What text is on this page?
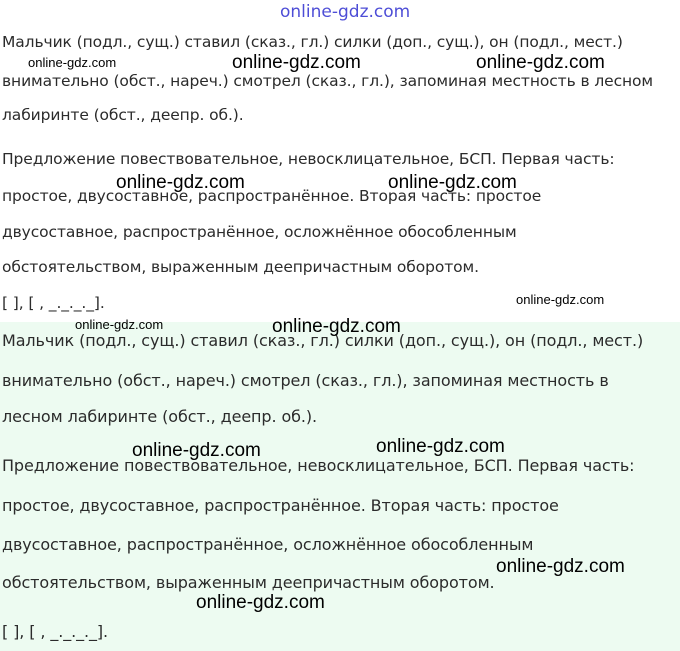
Мальчик (подл., сущ.) ставил (сказ., гл.) силки (доп., сущ.), он (подл., мест.)
внимательно (обст., нареч.) смотрел (сказ., гл.), запоминая местность в лесном
лабиринте (обст., деепр. об.).
Предложение повествовательное, невосклицательное, БСП. Первая часть:
простое, двусоставное, распространённое. Вторая часть: простое
двусоставное, распространённое, осложнённое обособленным
обстоятельством, выраженным деепричастным оборотом.
[ ], [ , _._._._].
Мальчик (подл., сущ.) ставил (сказ., гл.) силки (доп., сущ.), он (подл., мест.)
внимательно (обст., нареч.) смотрел (сказ., гл.), запоминая местность в
лесном лабиринте (обст., деепр. об.).
Предложение повествовательное, невосклицательное, БСП. Первая часть:
простое, двусоставное, распространённое. Вторая часть: простое
двусоставное, распространённое, осложнённое обособленным
обстоятельством, выраженным деепричастным оборотом.
[ ], [ , _._._._].
online-gdz.com
online-gdz.com	online-gdz.com	online-gdz.com
online-gdz.com	online-gdz.com
online-gdz.com
online-gdz.com	online-gdz.com
online-gdz.com	online-gdz.com
online-gdz.com
online-gdz.com
